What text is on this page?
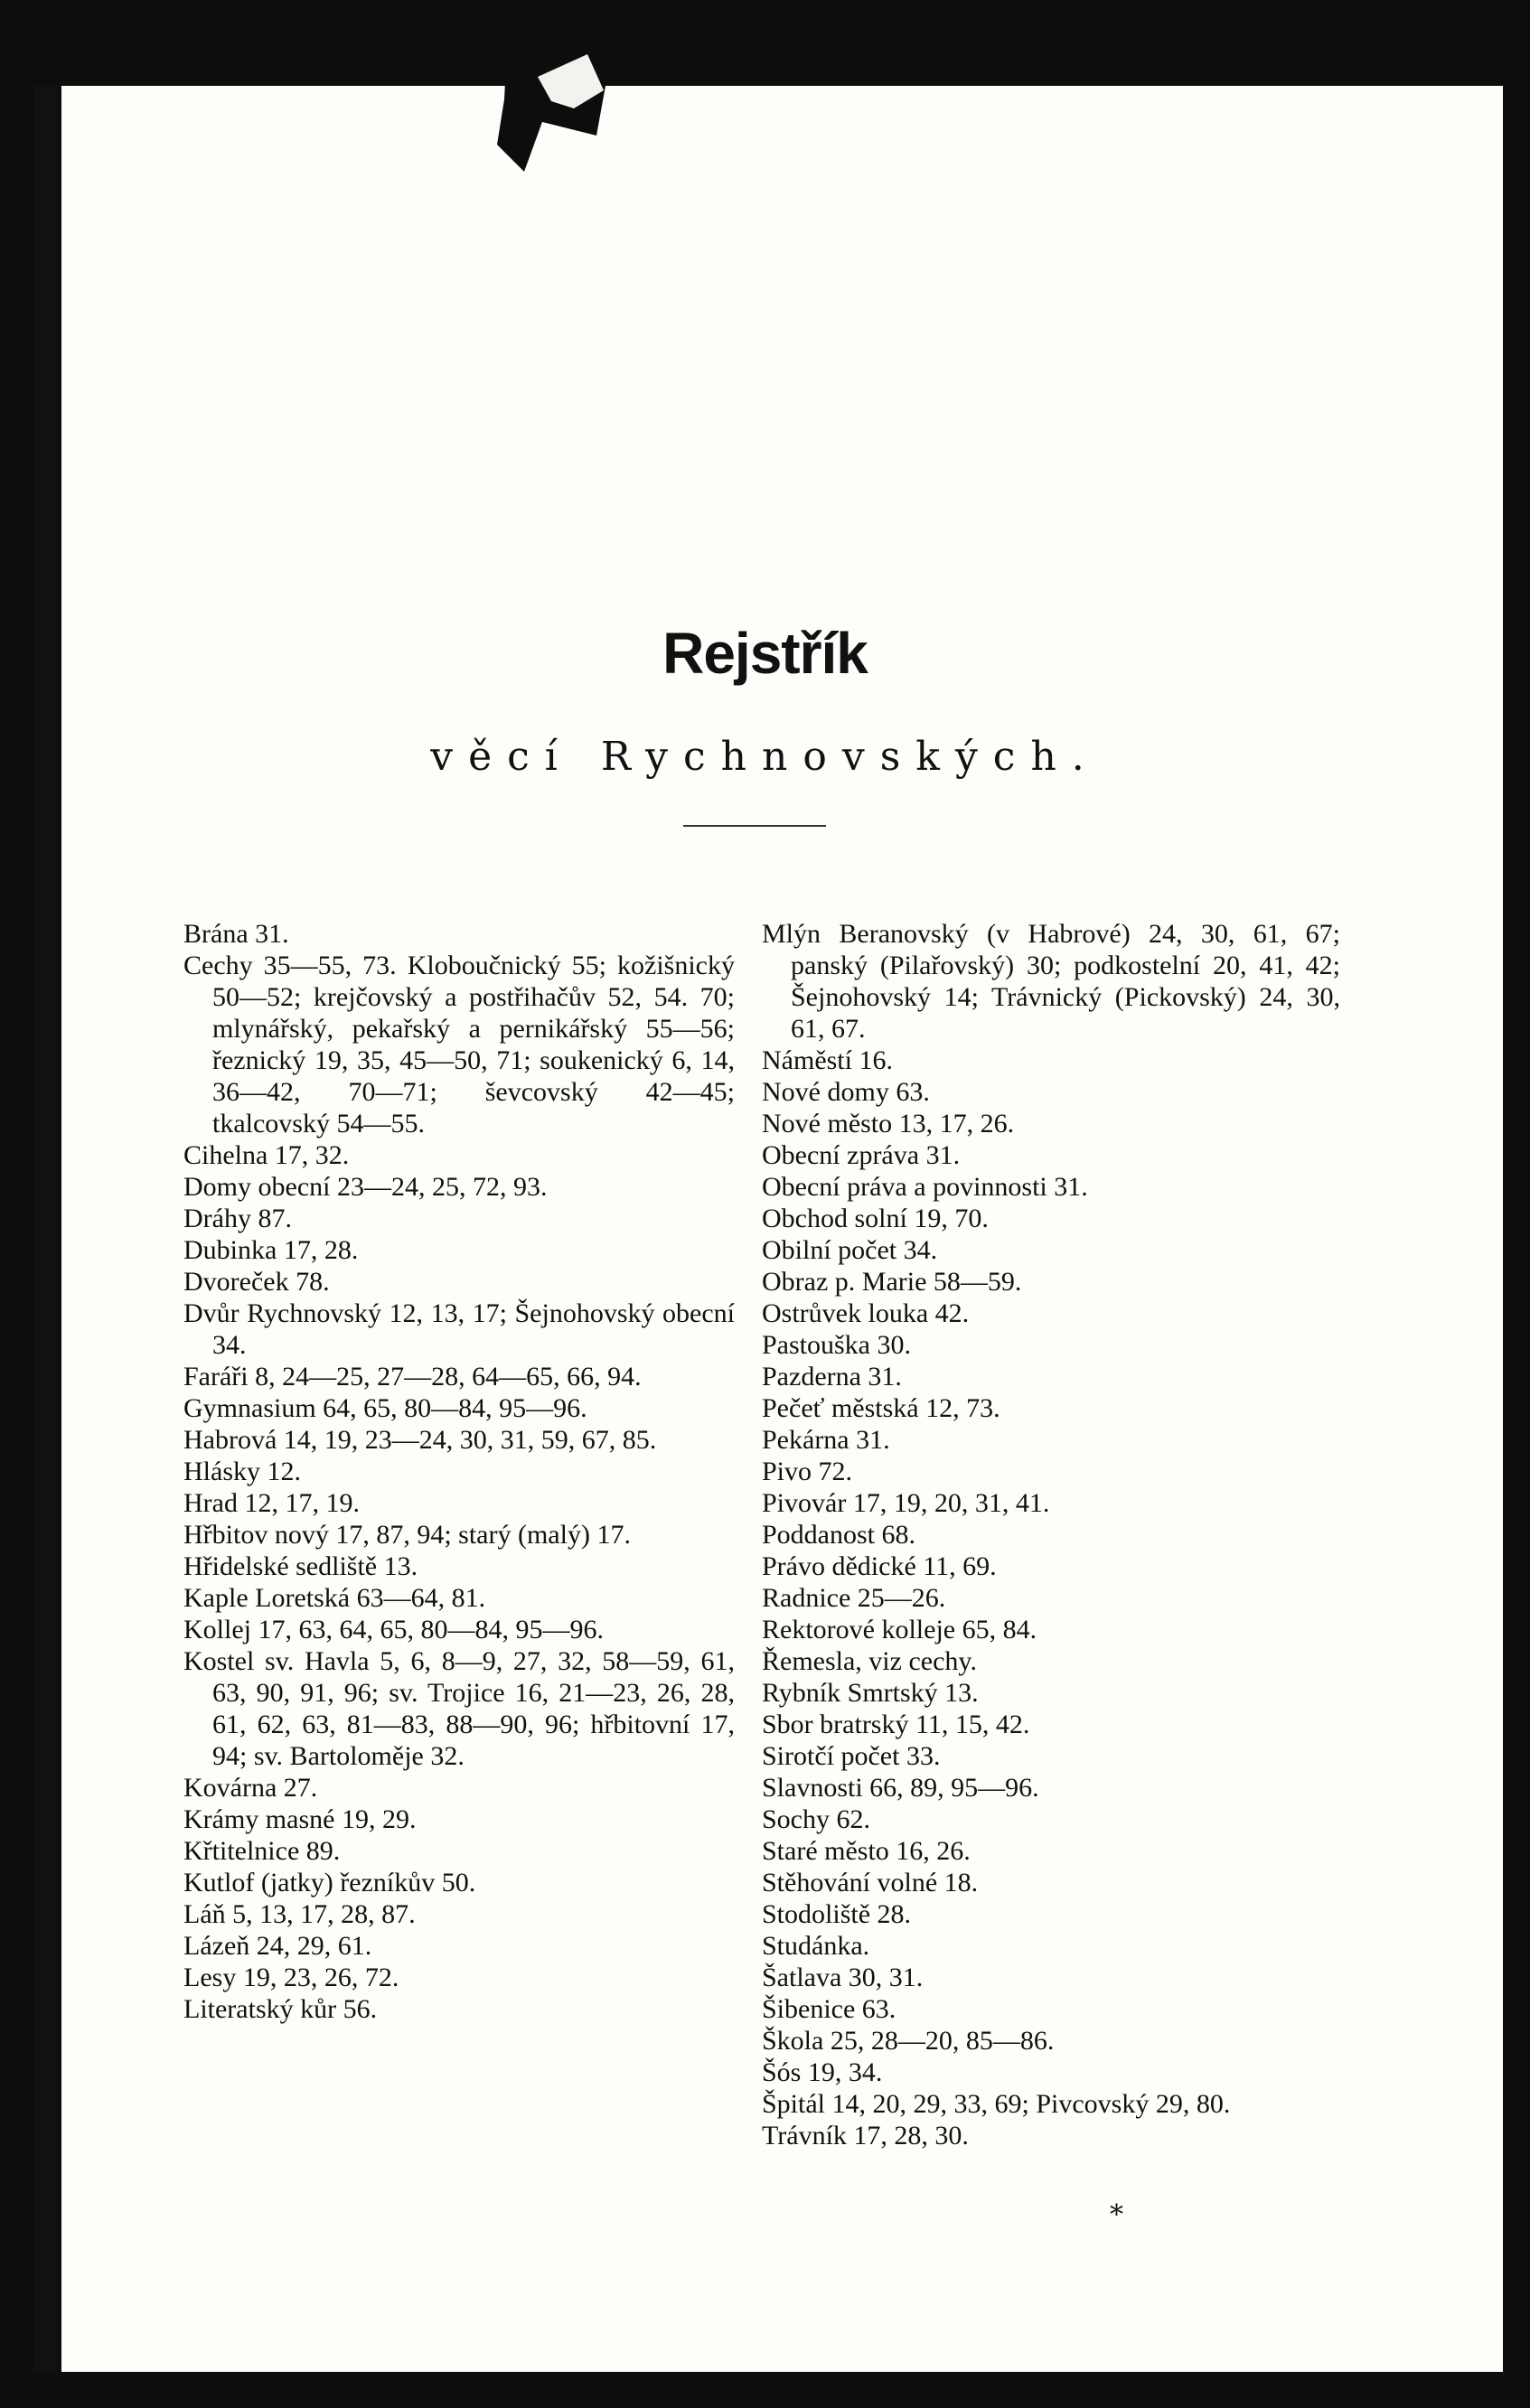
Rejstřík
věcí Rychnovských.

Brána 31.

Cechy 35—55, 73. Kloboučnický 55; kožišnický 50—52; krejčovský a postřihačův 52, 54. 70; mlynářský, pekařský a pernikářský 55—56; řeznický 19, 35, 45—50, 71; soukenický 6, 14, 36—42, 70—71; ševcovský 42—45; tkalcovský 54—55.

Cihelna 17, 32.

Domy obecní 23—24, 25, 72, 93.

Dráhy 87.

Dubinka 17, 28.

Dvoreček 78.

Dvůr Rychnovský 12, 13, 17; Šejnohovský obecní 34.

Faráři 8, 24—25, 27—28, 64—65, 66, 94.

Gymnasium 64, 65, 80—84, 95—96.

Habrová 14, 19, 23—24, 30, 31, 59, 67, 85.

Hlásky 12.

Hrad 12, 17, 19.

Hřbitov nový 17, 87, 94; starý (malý) 17.

Hřidelské sedliště 13.

Kaple Loretská 63—64, 81.

Kollej 17, 63, 64, 65, 80—84, 95—96.

Kostel sv. Havla 5, 6, 8—9, 27, 32, 58—59, 61, 63, 90, 91, 96; sv. Trojice 16, 21—23, 26, 28, 61, 62, 63, 81—83, 88—90, 96; hřbitovní 17, 94; sv. Bartoloměje 32.

Kovárna 27.

Krámy masné 19, 29.

Křtitelnice 89.

Kutlof (jatky) řezníkův 50.

Láň 5, 13, 17, 28, 87.

Lázeň 24, 29, 61.

Lesy 19, 23, 26, 72.

Literatský kůr 56.

Mlýn Beranovský (v Habrové) 24, 30, 61, 67; panský (Pilařovský) 30; podkostelní 20, 41, 42; Šejnohovský 14; Trávnický (Pickovský) 24, 30, 61, 67.

Náměstí 16.

Nové domy 63.

Nové město 13, 17, 26.

Obecní zpráva 31.

Obecní práva a povinnosti 31.

Obchod solní 19, 70.

Obilní počet 34.

Obraz p. Marie 58—59.

Ostrůvek louka 42.

Pastouška 30.

Pazderna 31.

Pečeť městská 12, 73.

Pekárna 31.

Pivo 72.

Pivovár 17, 19, 20, 31, 41.

Poddanost 68.

Právo dědické 11, 69.

Radnice 25—26.

Rektorové kolleje 65, 84.

Řemesla, viz cechy.

Rybník Smrtský 13.

Sbor bratrský 11, 15, 42.

Sirotčí počet 33.

Slavnosti 66, 89, 95—96.

Sochy 62.

Staré město 16, 26.

Stěhování volné 18.

Stodoliště 28.

Studánka.

Šatlava 30, 31.

Šibenice 63.

Škola 25, 28—20, 85—86.

Šós 19, 34.

Špitál 14, 20, 29, 33, 69; Pivcovský 29, 80.

Trávník 17, 28, 30.

*
